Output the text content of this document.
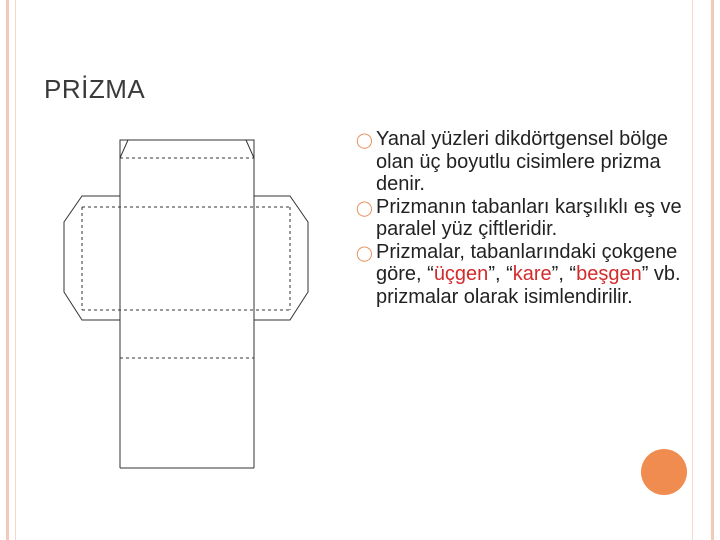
PRİZMA
◯ Yanal yüzleri dikdörtgensel bölge olan üç boyutlu cisimlere prizma denir.
◯ Prizmanın tabanları karşılıklı eş ve paralel yüz çiftleridir.
◯ Prizmalar, tabanlarındaki çokgene göre, “üçgen”, “kare”, “beşgen” vb. prizmalar olarak isimlendirilir.
